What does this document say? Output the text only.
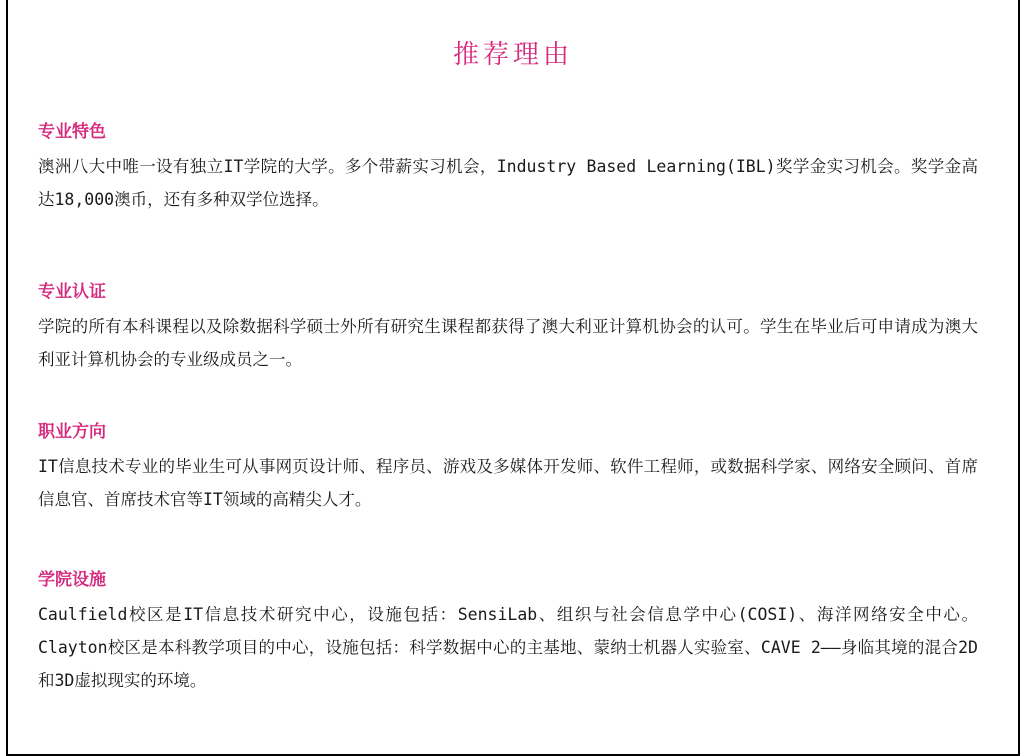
推荐理由

专业特色

澳洲八大中唯一设有独立IT学院的大学。多个带薪实习机会，Industry Based Learning(IBL)奖学金实习机会。奖学金高达18,000澳币，还有多种双学位选择。

专业认证

学院的所有本科课程以及除数据科学硕士外所有研究生课程都获得了澳大利亚计算机协会的认可。学生在毕业后可申请成为澳大利亚计算机协会的专业级成员之一。

职业方向

IT信息技术专业的毕业生可从事网页设计师、程序员、游戏及多媒体开发师、软件工程师，或数据科学家、网络安全顾问、首席信息官、首席技术官等IT领域的高精尖人才。

学院设施

Caulfield校区是IT信息技术研究中心，设施包括：SensiLab、组织与社会信息学中心(COSI)、海洋网络安全中心。Clayton校区是本科教学项目的中心，设施包括：科学数据中心的主基地、蒙纳士机器人实验室、CAVE 2——身临其境的混合2D和3D虚拟现实的环境。
